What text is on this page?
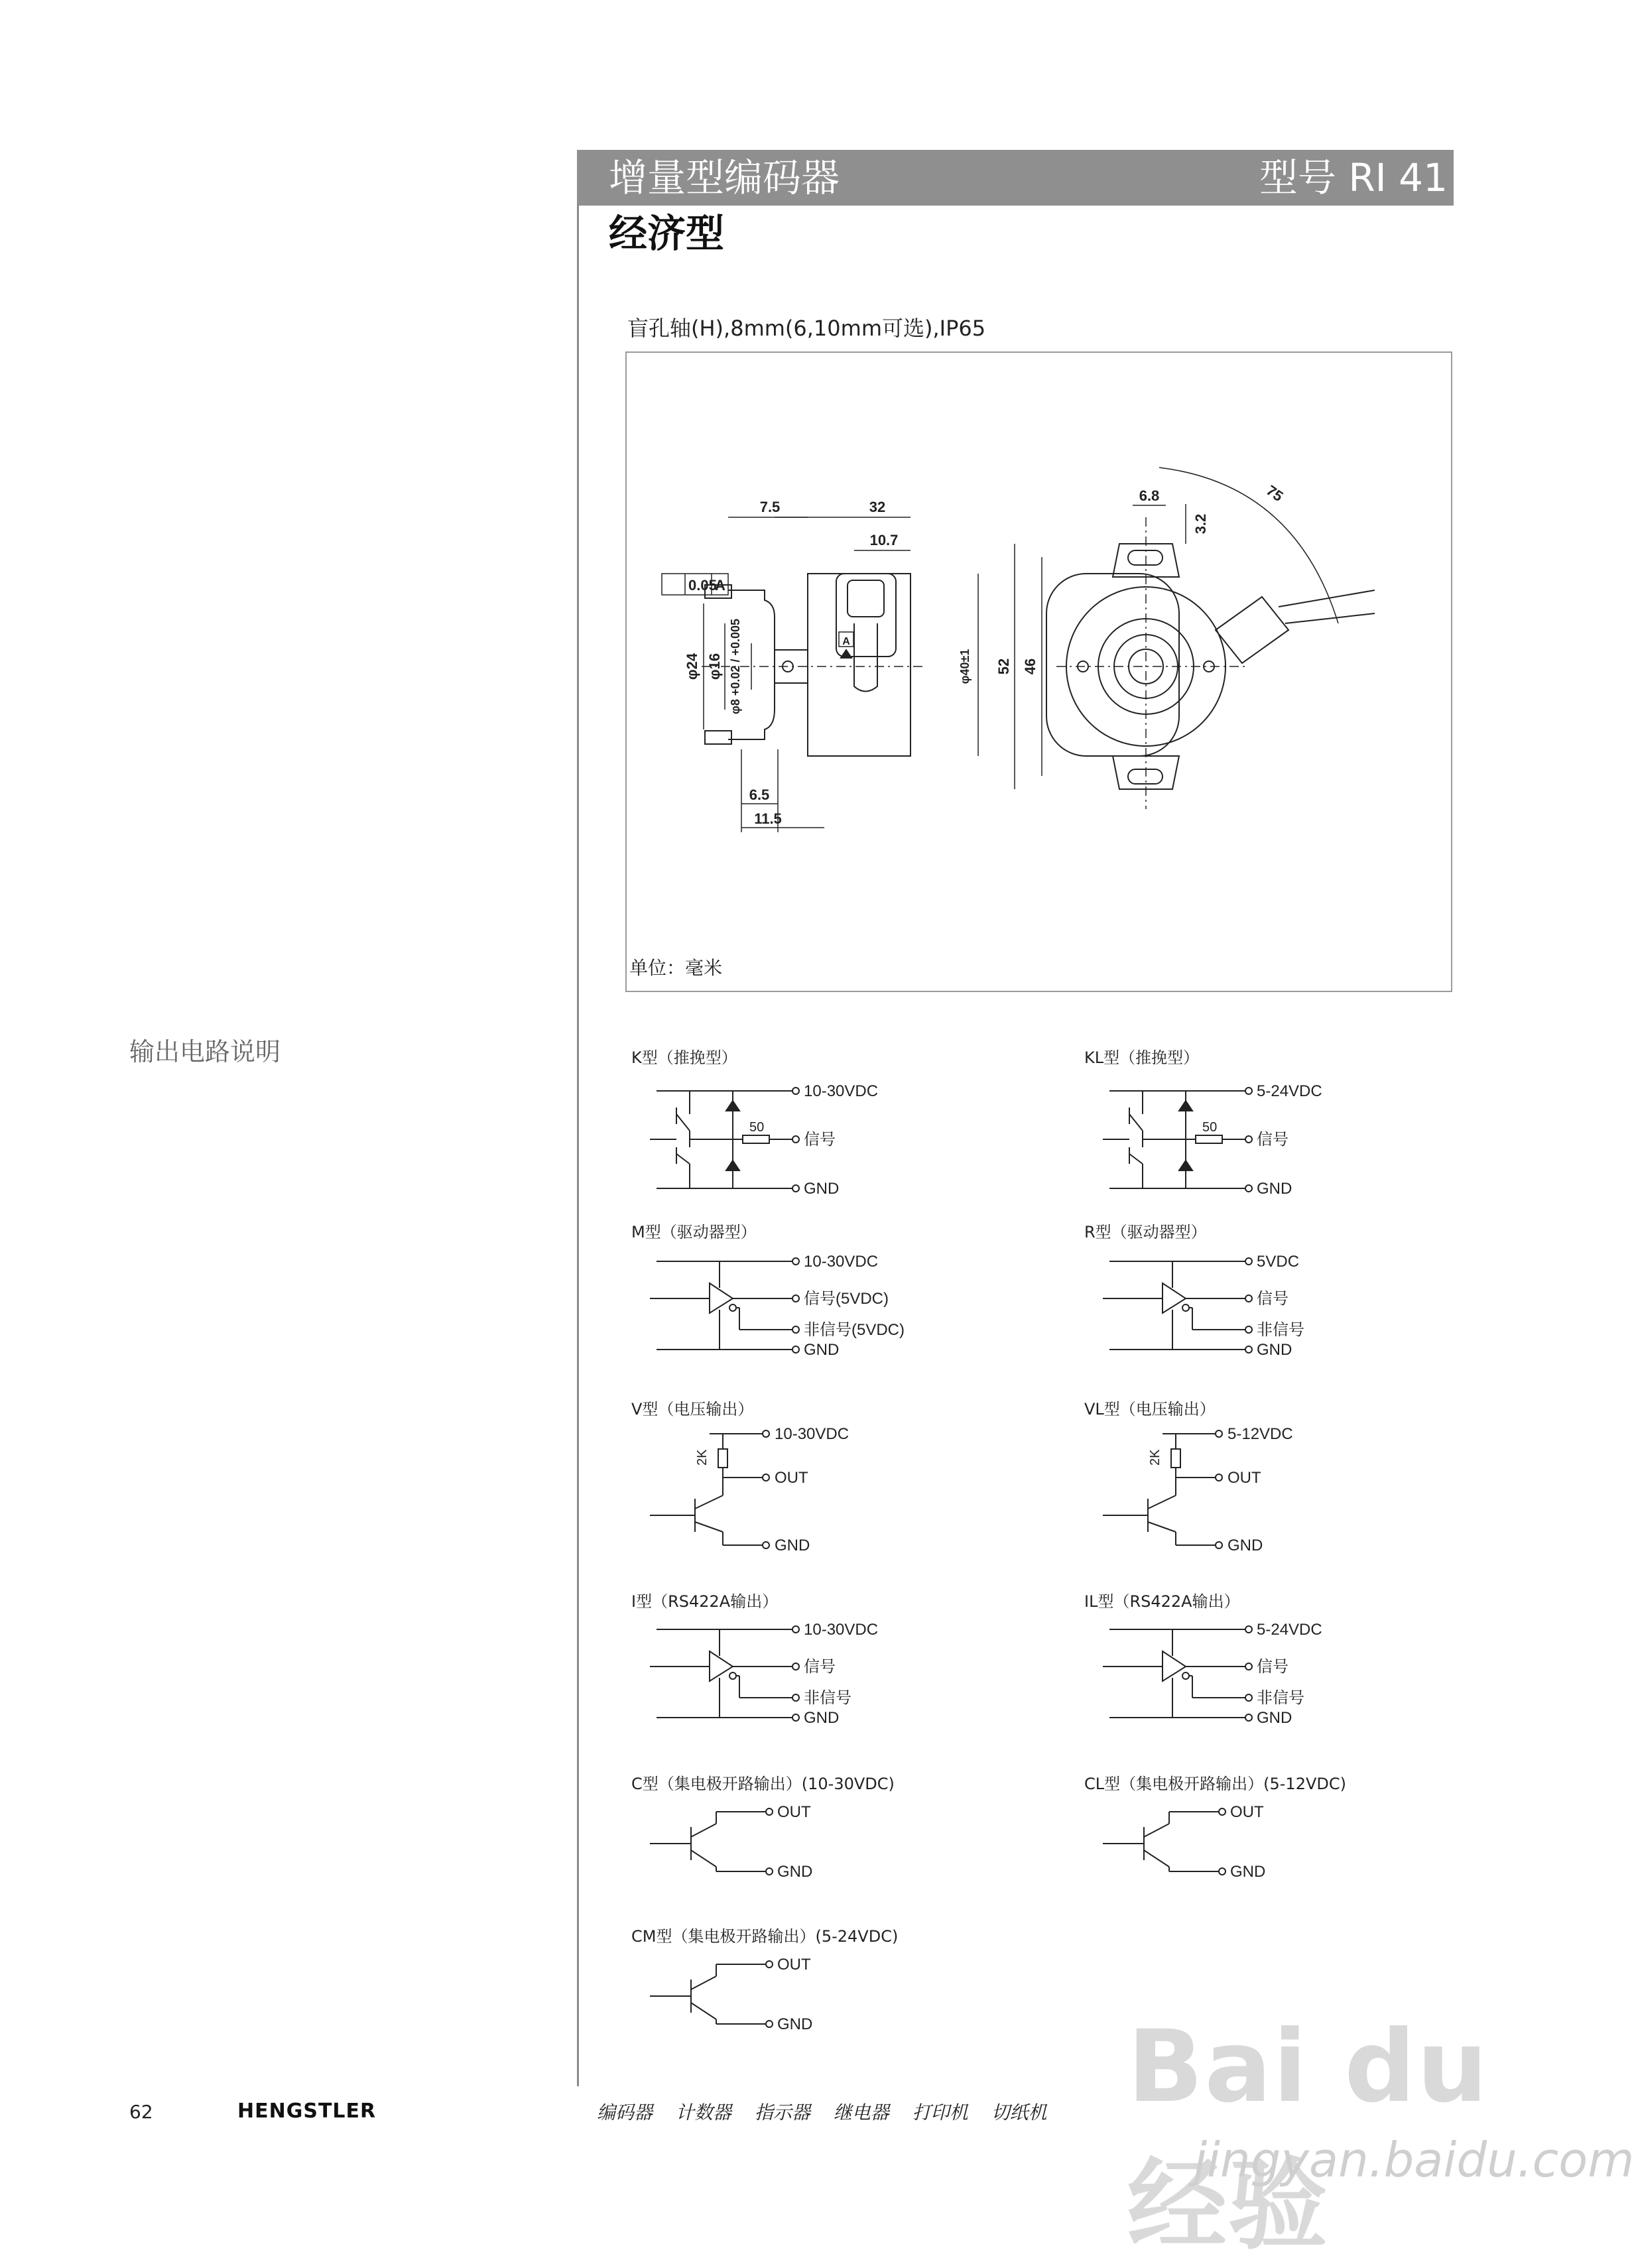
增量型编码器	型号 RI 41
经济型
盲孔轴(H),8mm(6,10mm可选),IP65
7.5	32
10.7
0.05
A
A
φ24 φ16 φ8 +0.02 / +0.005	φ40±1 52 46
6.5
11.5
6.8
3.2
75
单位：毫米
输出电路说明	K型（推挽型）	KL型（推挽型）
M型（驱动器型）	R型（驱动器型）
V型（电压输出）	VL型（电压输出）
I型（RS422A输出）	IL型（RS422A输出）
C型（集电极开路输出）(10-30VDC)	CL型（集电极开路输出）(5-12VDC)
CM型（集电极开路输出）(5-24VDC)
10-30VDC
信号
GND
50
5-24VDC
信号
GND
50
10-30VDC
信号(5VDC)
非信号(5VDC)
GND
5VDC
信号
非信号
GND
10-30VDC
OUT
GND
2K
5-12VDC
OUT
GND
2K
10-30VDC
信号
非信号
GND
5-24VDC
信号
非信号
GND
OUT
GND
OUT
GND
OUT
GND	Bai du 经验
jingyan.baidu.com
62	HENGSTLER	编码器 计数器 指示器 继电器 打印机 切纸机
